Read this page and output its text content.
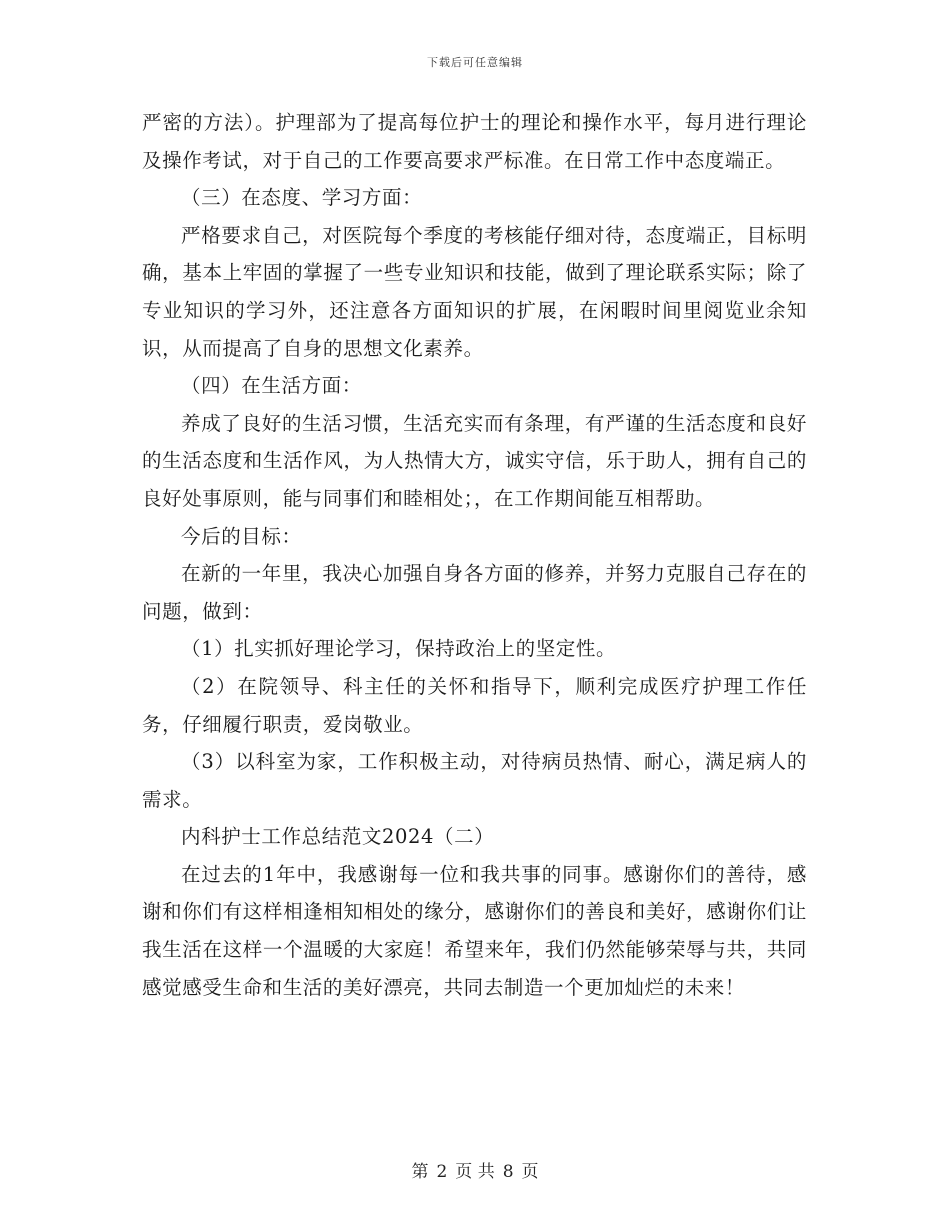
下载后可任意编辑

严密的方法）。护理部为了提高每位护士的理论和操作水平，每月进行理论及操作考试，对于自己的工作要高要求严标准。在日常工作中态度端正。

（三）在态度、学习方面：

严格要求自己，对医院每个季度的考核能仔细对待，态度端正，目标明确，基本上牢固的掌握了一些专业知识和技能，做到了理论联系实际；除了专业知识的学习外，还注意各方面知识的扩展，在闲暇时间里阅览业余知识，从而提高了自身的思想文化素养。

（四）在生活方面：

养成了良好的生活习惯，生活充实而有条理，有严谨的生活态度和良好的生活态度和生活作风，为人热情大方，诚实守信，乐于助人，拥有自己的良好处事原则，能与同事们和睦相处；，在工作期间能互相帮助。

今后的目标：

在新的一年里，我决心加强自身各方面的修养，并努力克服自己存在的问题，做到：

（1）扎实抓好理论学习，保持政治上的坚定性。

（2）在院领导、科主任的关怀和指导下，顺利完成医疗护理工作任务，仔细履行职责，爱岗敬业。

（3）以科室为家，工作积极主动，对待病员热情、耐心，满足病人的需求。

内科护士工作总结范文2024（二）

在过去的1年中，我感谢每一位和我共事的同事。感谢你们的善待，感谢和你们有这样相逢相知相处的缘分，感谢你们的善良和美好，感谢你们让我生活在这样一个温暖的大家庭！希望来年，我们仍然能够荣辱与共，共同感觉感受生命和生活的美好漂亮，共同去制造一个更加灿烂的未来！

第 2 页 共 8 页
